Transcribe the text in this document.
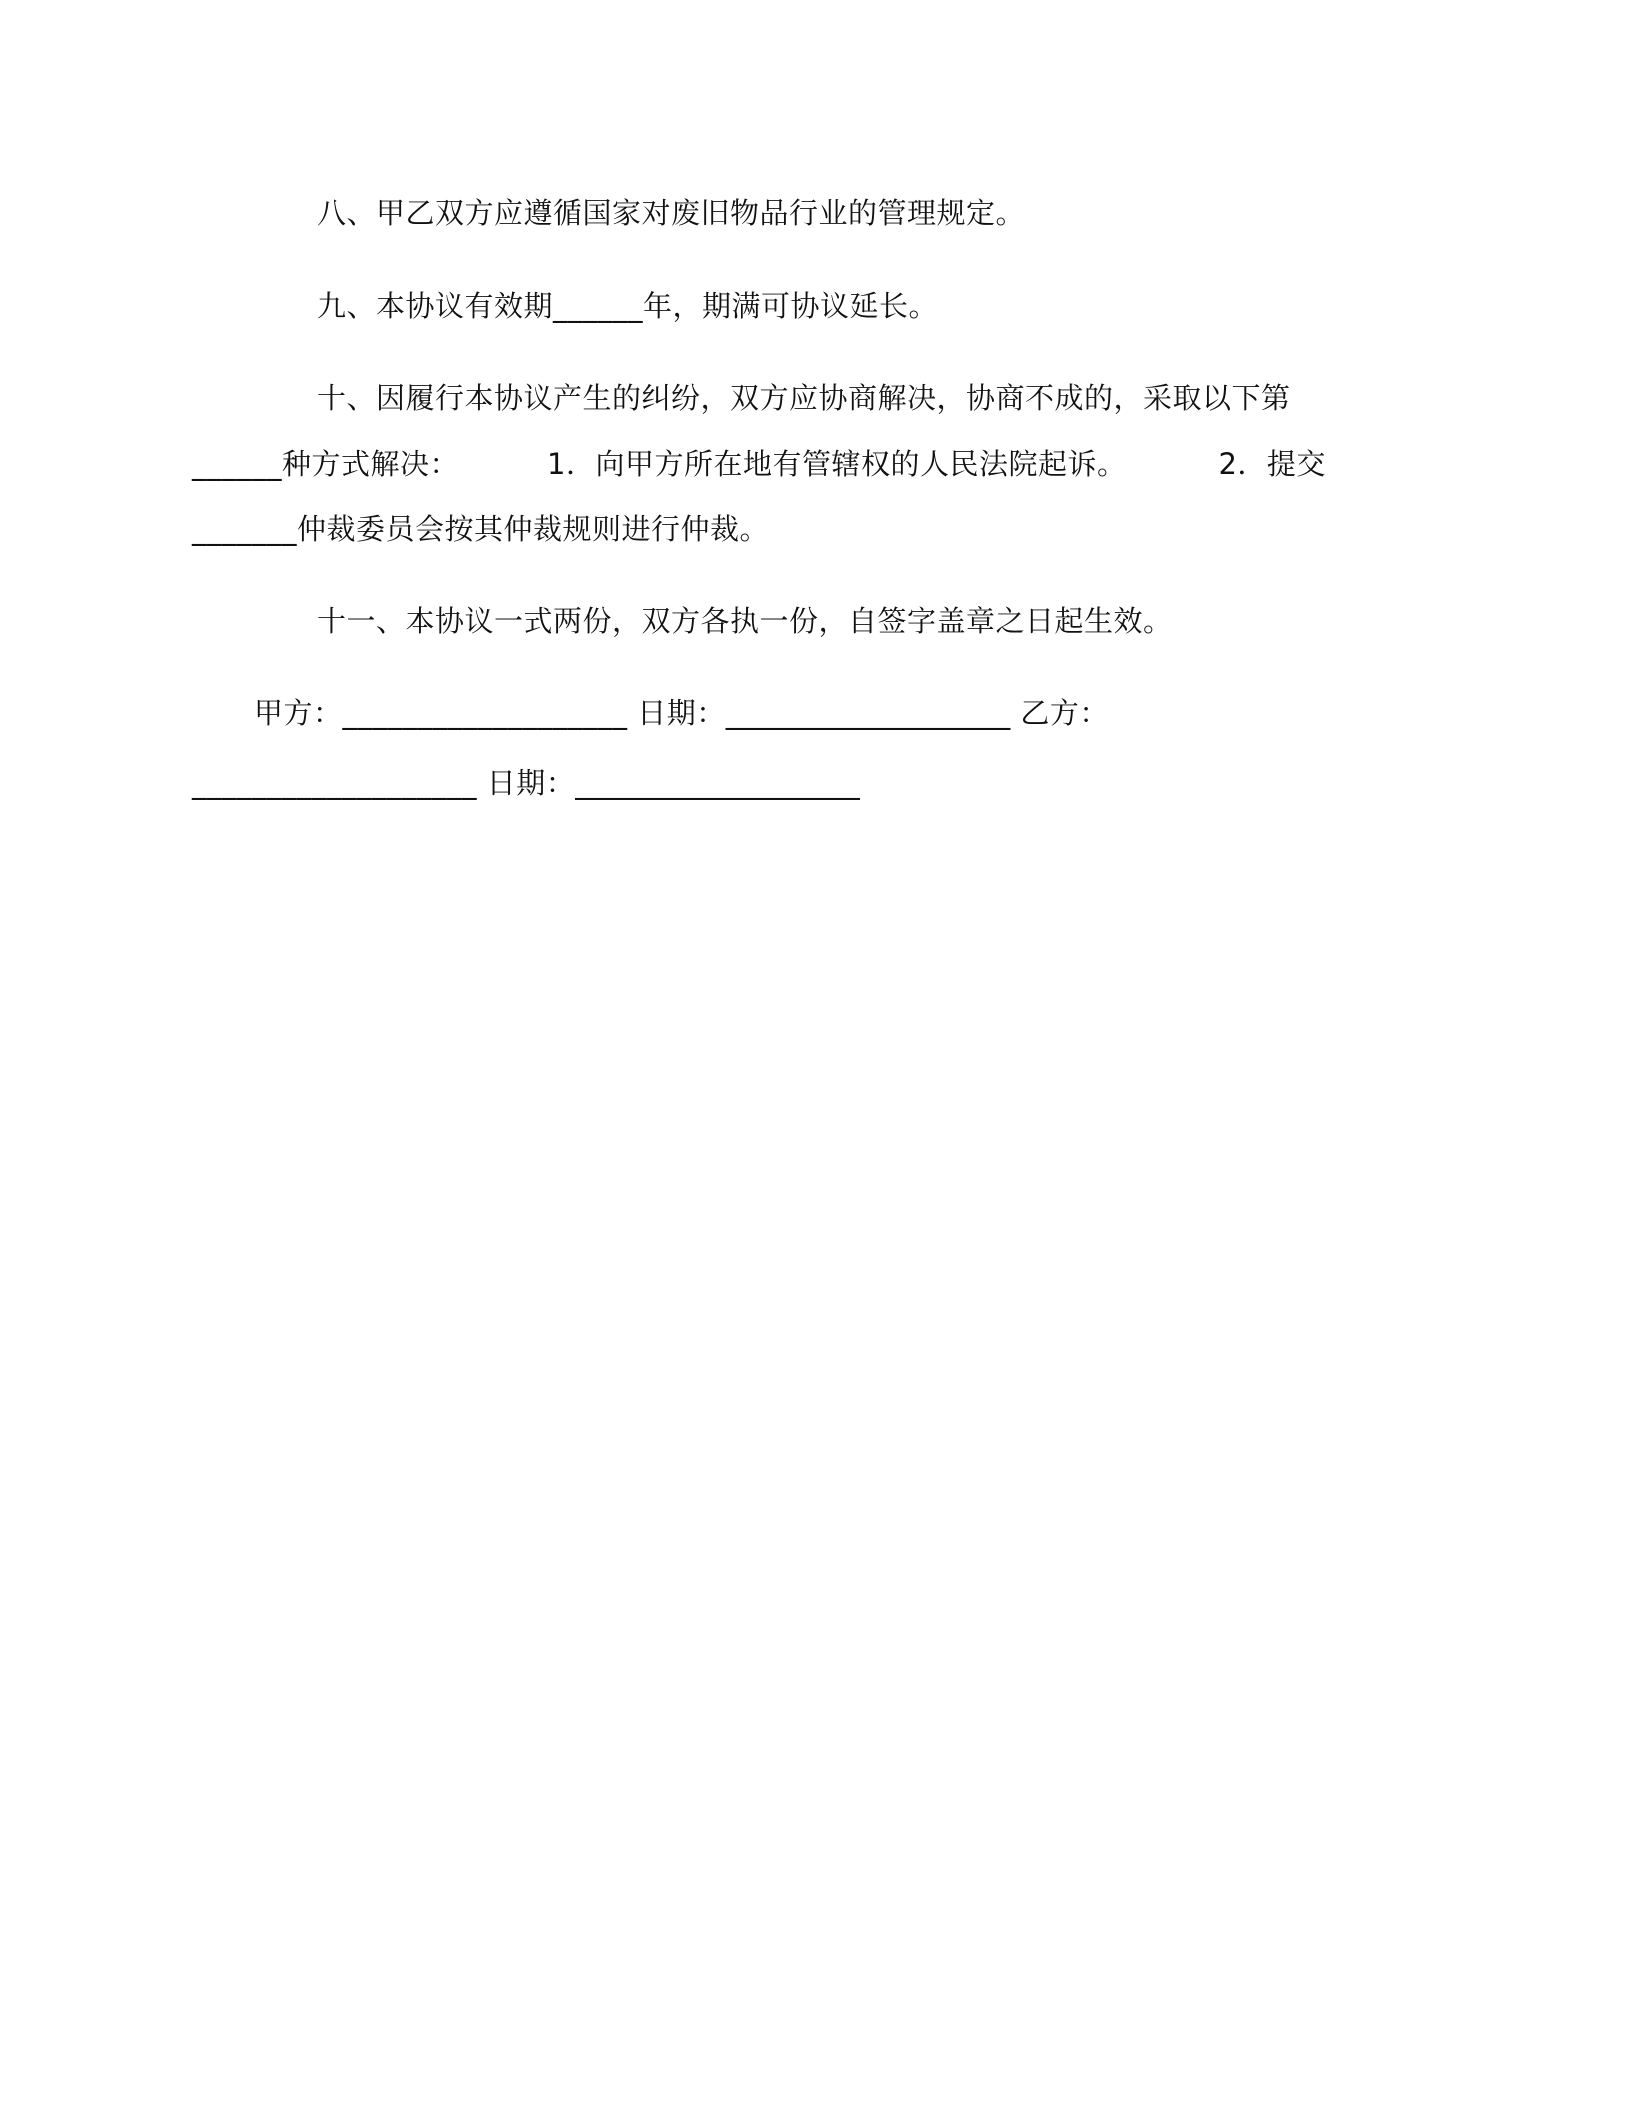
八、甲乙双方应遵循国家对废旧物品行业的管理规定。
九、本协议有效期______年，期满可协议延长。
十、因履行本协议产生的纠纷，双方应协商解决，协商不成的，采取以下第
______种方式解决：	1．向甲方所在地有管辖权的人民法院起诉。	2．提交
_______仲裁委员会按其仲裁规则进行仲裁。
十一、本协议一式两份，双方各执一份，自签字盖章之日起生效。
甲方：___________________ 日期：___________________ 乙方：
___________________ 日期：___________________
